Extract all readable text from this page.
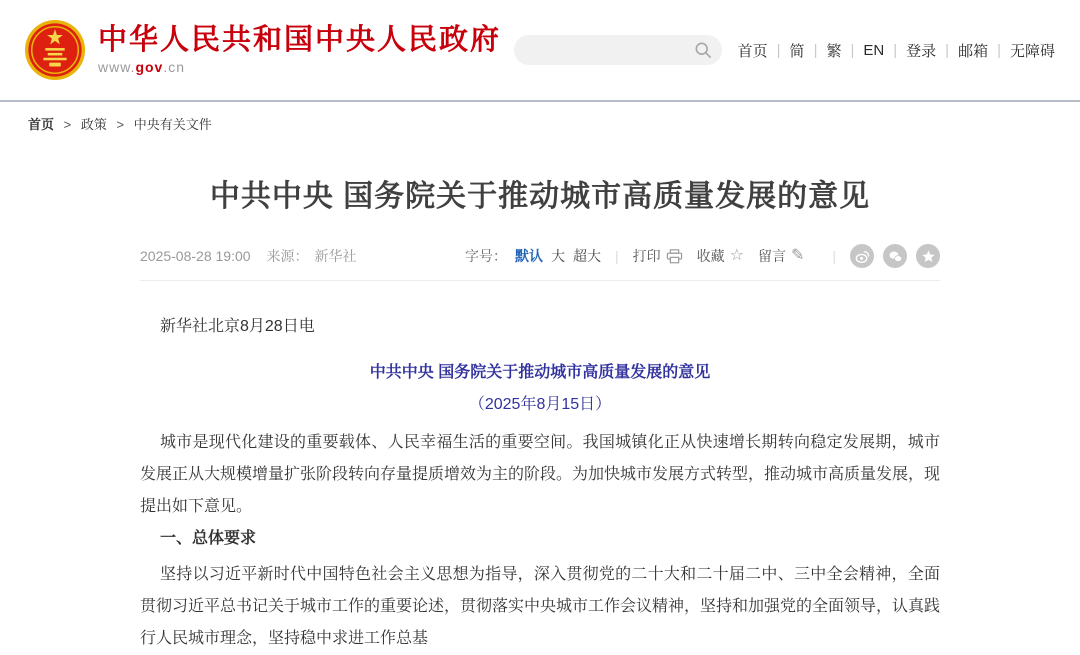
中华人民共和国中央人民政府
www.gov.cn
首页 | 简 | 繁 | EN | 登录 | 邮箱 | 无障碍
首页 > 政策 > 中央有关文件
中共中央 国务院关于推动城市高质量发展的意见
2025-08-28 19:00 来源： 新华社	字号： 默认 大 超大 | 打印	收藏 ☆ 留言 ✎ |

新华社北京8月28日电

中共中央 国务院关于推动城市高质量发展的意见

（2025年8月15日）

城市是现代化建设的重要载体、人民幸福生活的重要空间。我国城镇化正从快速增长期转向稳定发展期，城市发展正从大规模增量扩张阶段转向存量提质增效为主的阶段。为加快城市发展方式转型，推动城市高质量发展，现提出如下意见。

一、总体要求

坚持以习近平新时代中国特色社会主义思想为指导，深入贯彻党的二十大和二十届二中、三中全会精神，全面贯彻习近平总书记关于城市工作的重要论述，贯彻落实中央城市工作会议精神，坚持和加强党的全面领导，认真践行人民城市理念，坚持稳中求进工作总基
